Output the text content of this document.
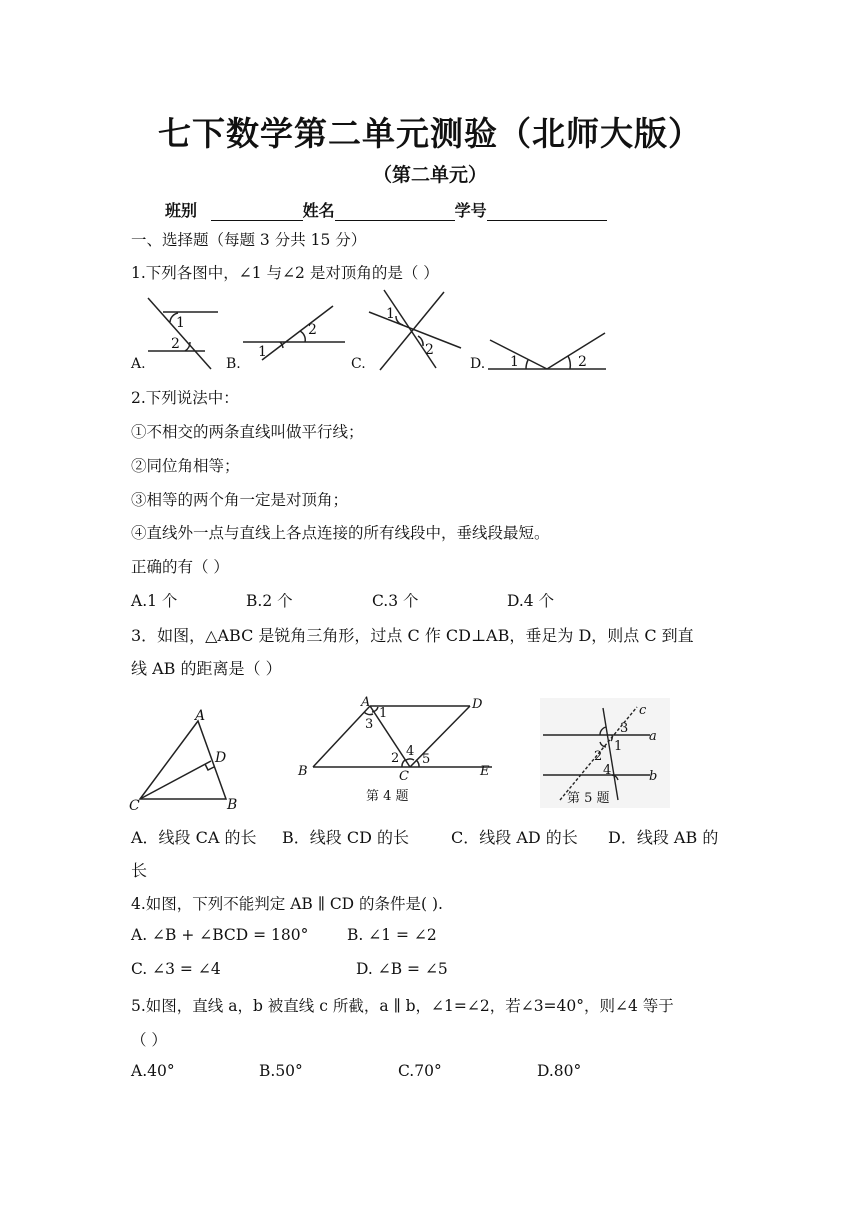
七下数学第二单元测验（北师大版）
（第二单元）
班别	姓名	学号
一、选择题（每题 3 分共 15 分）
1.下列各图中，∠1 与∠2 是对顶角的是（ ）
1
2	1
2
1
2
1	2
A.	B.	C.	D.
2.下列说法中：
①不相交的两条直线叫做平行线；
②同位角相等；
③相等的两个角一定是对顶角；
④直线外一点与直线上各点连接的所有线段中，垂线段最短。
正确的有（ ）
A.1 个	B.2 个	C.3 个	D.4 个
3．如图，△ABC 是锐角三角形，过点 C 作 CD⊥AB，垂足为 D，则点 C 到直
线 AB 的距离是（ ）
A
D
C	B
A	D
B	C	E
1
3
2 4
5
第 4 题
c
a
b
3
1
2
4
第 5 题
A．线段 CA 的长 B．线段 CD 的长	C．线段 AD 的长 D．线段 AB 的
长
4.如图，下列不能判定 AB ∥ CD 的条件是( ).
A. ∠B + ∠BCD = 180° B. ∠1 = ∠2
C. ∠3 = ∠4	D. ∠B = ∠5
5.如图，直线 a，b 被直线 c 所截，a ∥ b，∠1=∠2，若∠3=40°，则∠4 等于
（ ）
A.40°	B.50°	C.70°	D.80°
